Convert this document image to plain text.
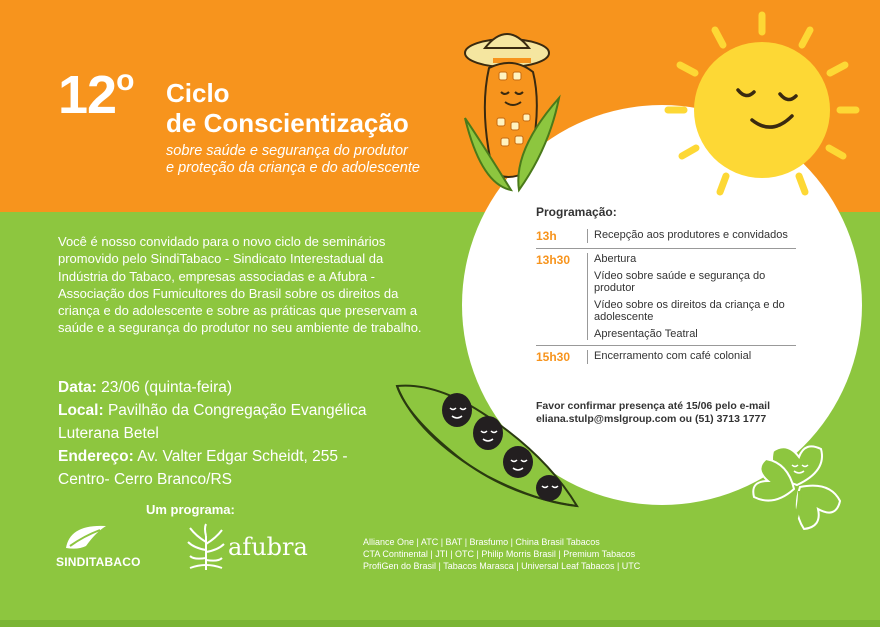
12$^o$ Ciclo
de Conscientização
sobre saúde e segurança do produtor
e proteção da criança e do adolescente
Você é nosso convidado para o novo ciclo de seminários promovido pelo SindiTabaco - Sindicato Interestadual da Indústria do Tabaco, empresas associadas e a Afubra - Associação dos Fumicultores do Brasil sobre os direitos da criança e do adolescente e sobre as práticas que preservam a saúde e a segurança do produtor no seu ambiente de trabalho.
Data: 23/06 (quinta-feira)
Local: Pavilhão da Congregação Evangélica Luterana Betel
Endereço: Av. Valter Edgar Scheidt, 255 - Centro- Cerro Branco/RS
Programação:
13h	Recepção aos produtores e convidados
13h30	Abertura
Vídeo sobre saúde e segurança do produtor
Vídeo sobre os direitos da criança e do adolescente
Apresentação Teatral
15h30	Encerramento com café colonial
Favor confirmar presença até 15/06 pelo e-mail
eliana.stulp@mslgroup.com ou (51) 3713 1777
Um programa:
SINDITABACO
afubra	Alliance One | ATC | BAT | Brasfumo | China Brasil Tabacos
CTA Continental | JTI | OTC | Philip Morris Brasil | Premium Tabacos
ProfiGen do Brasil | Tabacos Marasca | Universal Leaf Tabacos | UTC
